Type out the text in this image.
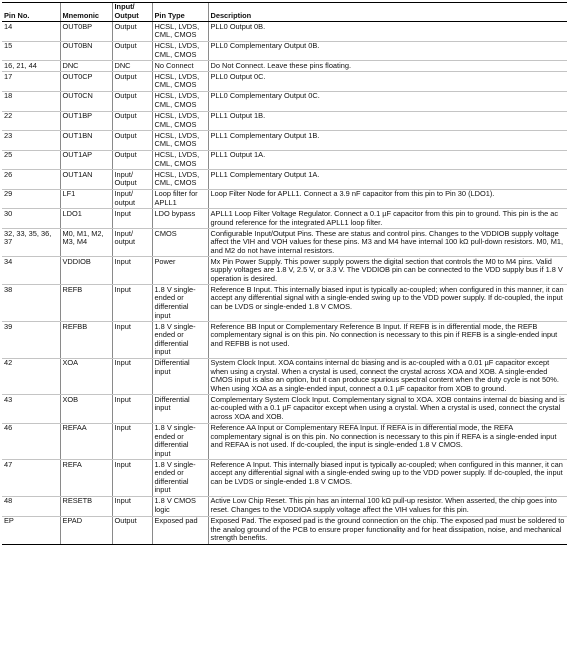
Pin No.	Mnemonic	Input/ Output	Pin Type	Description
14	OUT0BP	Output	HCSL, LVDS, CML, CMOS	PLL0 Output 0B.
15	OUT0BN	Output	HCSL, LVDS, CML, CMOS	PLL0 Complementary Output 0B.
16, 21, 44	DNC	DNC	No Connect	Do Not Connect. Leave these pins floating.
17	OUT0CP	Output	HCSL, LVDS, CML, CMOS	PLL0 Output 0C.
18	OUT0CN	Output	HCSL, LVDS, CML, CMOS	PLL0 Complementary Output 0C.
22	OUT1BP	Output	HCSL, LVDS, CML, CMOS	PLL1 Output 1B.
23	OUT1BN	Output	HCSL, LVDS, CML, CMOS	PLL1 Complementary Output 1B.
25	OUT1AP	Output	HCSL, LVDS, CML, CMOS	PLL1 Output 1A.
26	OUT1AN	Input/ Output	HCSL, LVDS, CML, CMOS	PLL1 Complementary Output 1A.
29	LF1	Input/ output	Loop filter for APLL1	Loop Filter Node for APLL1. Connect a 3.9 nF capacitor from this pin to Pin 30 (LDO1).
30	LDO1	Input	LDO bypass	APLL1 Loop Filter Voltage Regulator. Connect a 0.1 µF capacitor from this pin to ground. This pin is the ac ground reference for the integrated APLL1 loop filter.
32, 33, 35, 36, 37	M0, M1, M2, M3, M4	Input/ output	CMOS	Configurable Input/Output Pins. These are status and control pins. Changes to the VDDIOB supply voltage affect the VIH and VOH values for these pins. M3 and M4 have internal 100 kΩ pull-down resistors. M0, M1, and M2 do not have internal resistors.
34	VDDIOB	Input	Power	Mx Pin Power Supply. This power supply powers the digital section that controls the M0 to M4 pins. Valid supply voltages are 1.8 V, 2.5 V, or 3.3 V. The VDDIOB pin can be connected to the VDD supply bus if 1.8 V operation is desired.
38	REFB	Input	1.8 V single-ended or differential input	Reference B Input. This internally biased input is typically ac-coupled; when configured in this manner, it can accept any differential signal with a single-ended swing up to the VDD power supply. If dc-coupled, the input can be LVDS or single-ended 1.8 V CMOS.
39	REFBB	Input	1.8 V single-ended or differential input	Reference BB Input or Complementary Reference B Input. If REFB is in differential mode, the REFB complementary signal is on this pin. No connection is necessary to this pin if REFB is a single-ended input and REFBB is not used.
42	XOA	Input	Differential input	System Clock Input. XOA contains internal dc biasing and is ac-coupled with a 0.01 µF capacitor except when using a crystal. When a crystal is used, connect the crystal across XOA and XOB. A single-ended CMOS input is also an option, but it can produce spurious spectral content when the duty cycle is not 50%. When using XOA as a single-ended input, connect a 0.1 µF capacitor from XOB to ground.
43	XOB	Input	Differential input	Complementary System Clock Input. Complementary signal to XOA. XOB contains internal dc biasing and is ac-coupled with a 0.1 µF capacitor except when using a crystal. When a crystal is used, connect the crystal across XOA and XOB.
46	REFAA	Input	1.8 V single-ended or differential input	Reference AA Input or Complementary REFA Input. If REFA is in differential mode, the REFA complementary signal is on this pin. No connection is necessary to this pin if REFA is a single-ended input and REFAA is not used. If dc-coupled, the input is single-ended 1.8 V CMOS.
47	REFA	Input	1.8 V single-ended or differential input	Reference A Input. This internally biased input is typically ac-coupled; when configured in this manner, it can accept any differential signal with a single-ended swing up to the VDD power supply. If dc-coupled, the input can be LVDS or single-ended 1.8 V CMOS.
48	RESETB	Input	1.8 V CMOS logic	Active Low Chip Reset. This pin has an internal 100 kΩ pull-up resistor. When asserted, the chip goes into reset. Changes to the VDDIOA supply voltage affect the VIH values for this pin.
EP	EPAD	Output	Exposed pad	Exposed Pad. The exposed pad is the ground connection on the chip. The exposed pad must be soldered to the analog ground of the PCB to ensure proper functionality and for heat dissipation, noise, and mechanical strength benefits.
